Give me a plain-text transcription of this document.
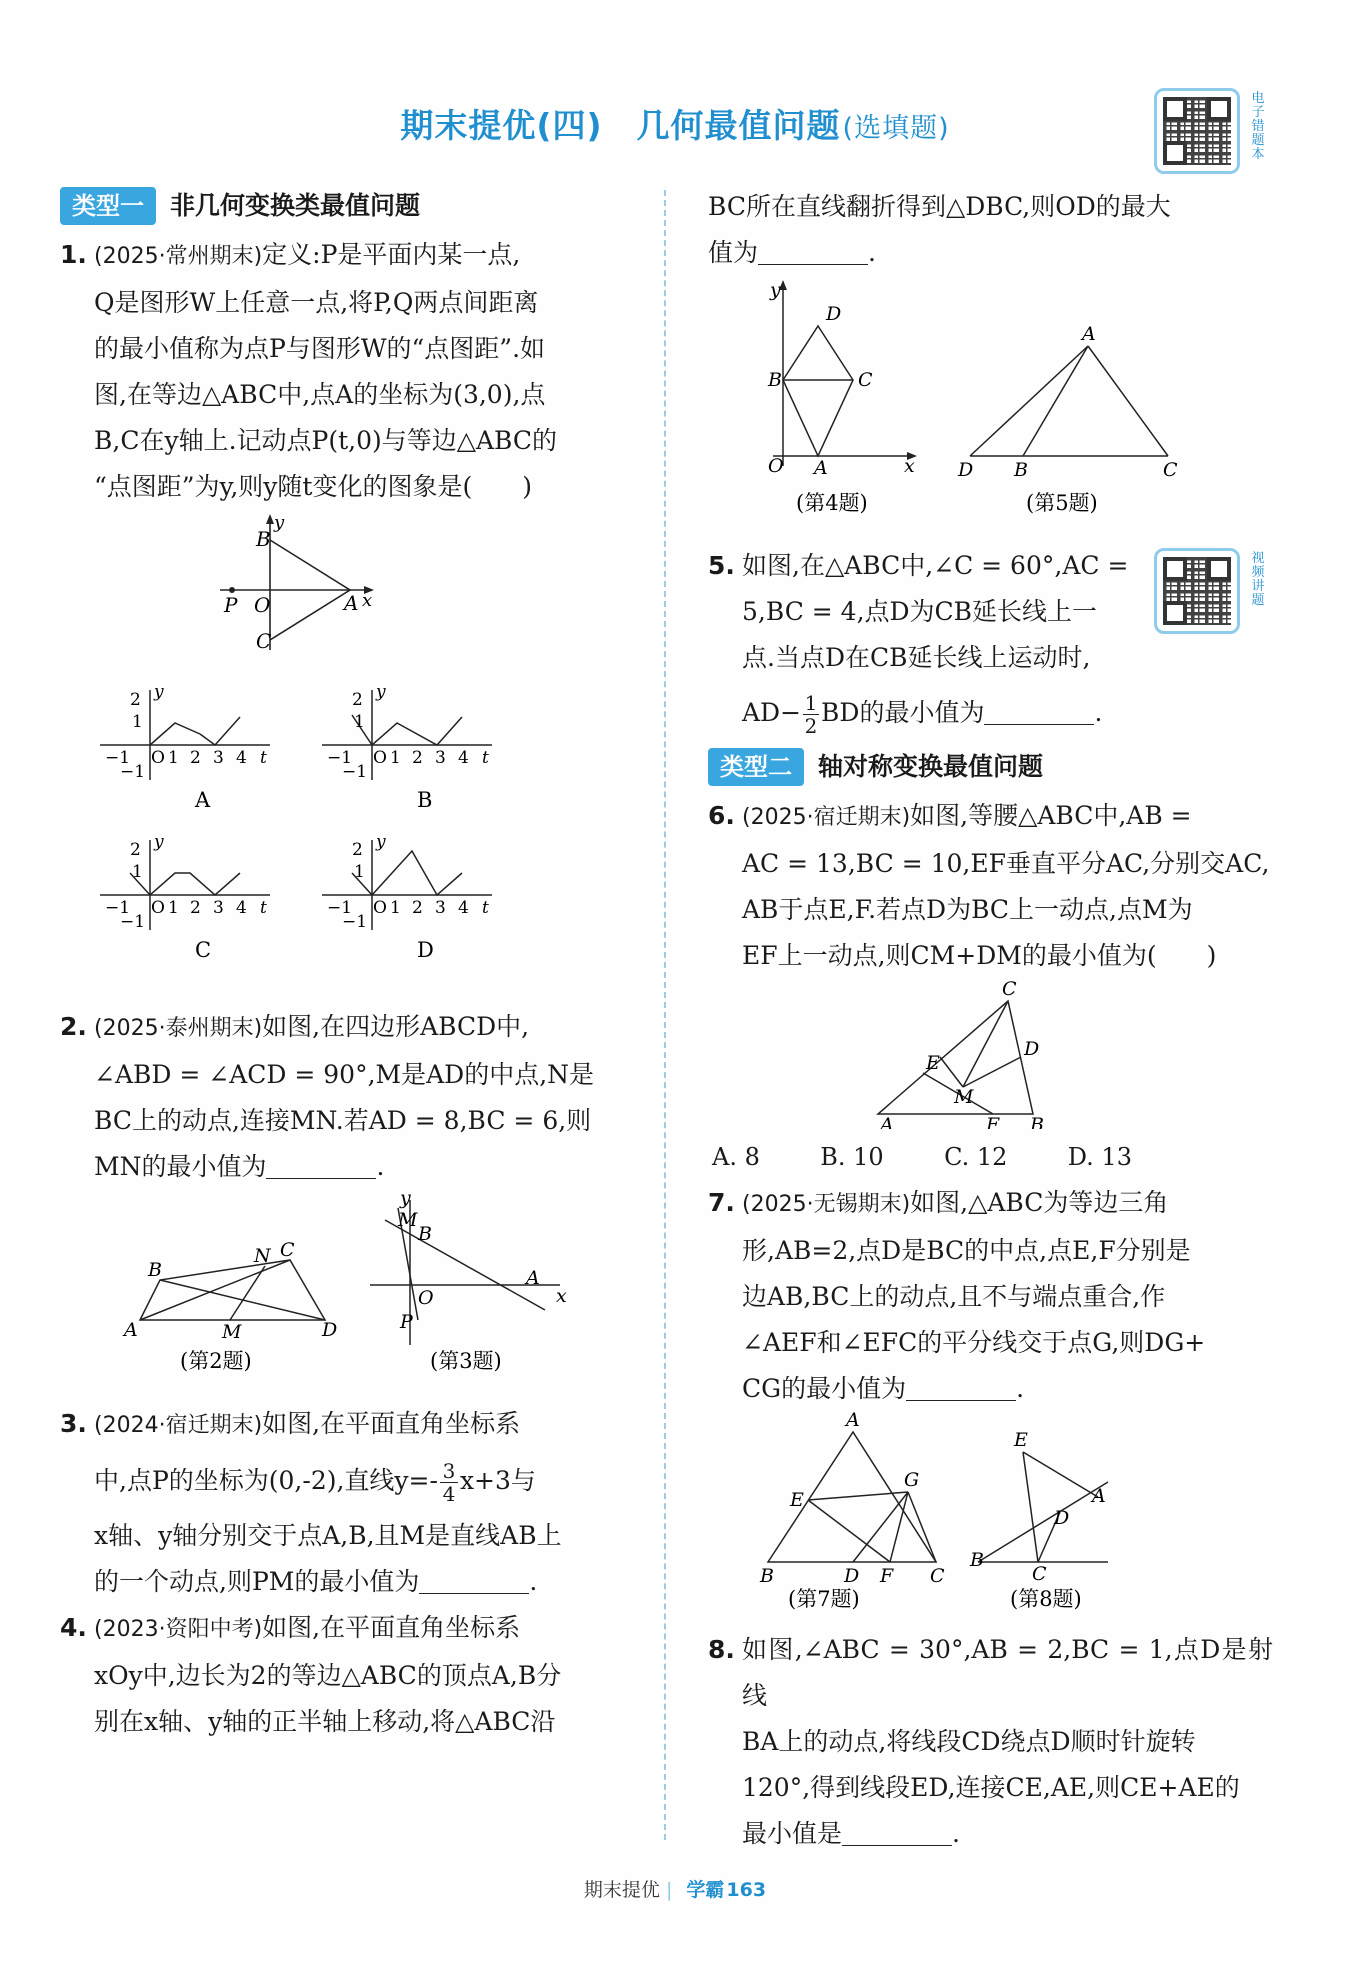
期末提优(四)　几何最值问题(选填题)
电子错题本
类型一	非几何变换类最值问题
1. (2025·常州期末)定义:P是平面内某一点,

Q是图形W上任意一点,将P,Q两点间距离

的最小值称为点P与图形W的“点图距”.如

图,在等边△ABC中,点A的坐标为(3,0),点

B,C在y轴上.记动点P(t,0)与等边△ABC的

“点图距”为y,则y随t变化的图象是(　　)

B
y
P O	A x
C

2 y
1
−1
−1
O 1 2 3 4 t
2 y
1
−1
−1
O 1 2 3 4 t
A	B
2 y
1
−1
−1
O 1 2 3 4 t
2 y
1
−1
−1
O 1 2 3 4 t
C	D
2. (2025·泰州期末)如图,在四边形ABCD中,

∠ABD = ∠ACD = 90°,M是AD的中点,N是

BC上的动点,连接MN.若AD = 8,BC = 6,则

MN的最小值为	.

A
B
C
D
M
N
M
B
y
O
A
x
P
(第2题)	(第3题)
3. (2024·宿迁期末)如图,在平面直角坐标系

中,点P的坐标为(0,-2),直线$y=- \frac{3}{4}x+3$与

x轴、y轴分别交于点A,B,且M是直线AB上

的一个动点,则PM的最小值为	.

4. (2023·资阳中考)如图,在平面直角坐标系

xOy中,边长为2的等边△ABC的顶点A,B分

别在x轴、y轴的正半轴上移动,将△ABC沿

BC所在直线翻折得到△DBC,则OD的最大

值为	.

y
D
B	C
O A	x
A
D B	C
(第4题)	(第5题)
5. 如图,在△ABC中,∠C = 60°,AC =

5,BC = 4,点D为CB延长线上一

点.当点D在CB延长线上运动时,

$AD- \frac{1}{2}BD$的最小值为	.

类型二	轴对称变换最值问题
6. (2025·宿迁期末)如图,等腰△ABC中,AB =

AC = 13,BC = 10,EF垂直平分AC,分别交AC,

AB于点E,F.若点D为BC上一动点,点M为

EF上一动点,则CM+DM的最小值为(　　)

C
D
E
M
A	F B
A. 8	B. 10	C. 12	D. 13
7. (2025·无锡期末)如图,△ABC为等边三角

形,AB=2,点D是BC的中点,点E,F分别是

边AB,BC上的动点,且不与端点重合,作

∠AEF和∠EFC的平分线交于点G,则DG+

CG的最小值为	.

A
E
G
B	D F C
E
A
D
B
C
(第7题)	(第8题)
8. 如图,∠ABC = 30°,AB = 2,BC = 1,点D是射线

BA上的动点,将线段CD绕点D顺时针旋转

120°,得到线段ED,连接CE,AE,则CE+AE的

最小值是	.

视频讲题
期末提优 | 学霸 163
